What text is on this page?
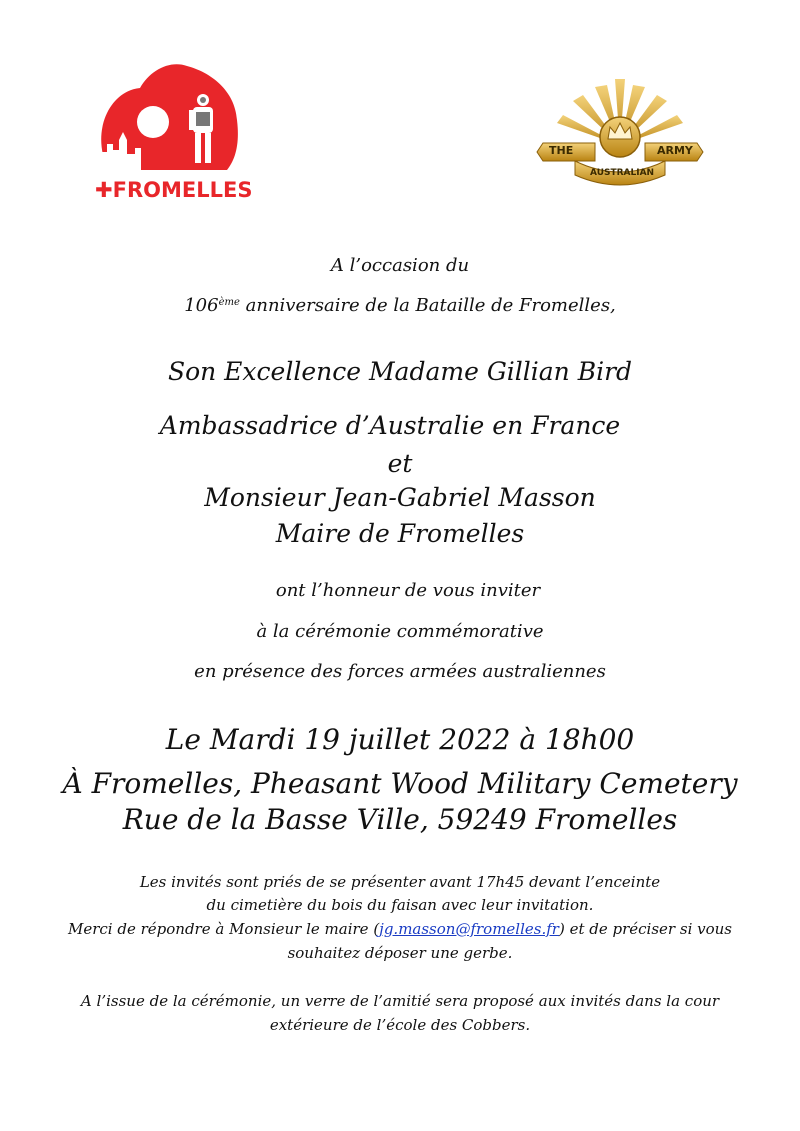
✚FROMELLES
THE	ARMY
AUSTRALIAN
A l’occasion du
106ème anniversaire de la Bataille de Fromelles,
Son Excellence Madame Gillian Bird
Ambassadrice d’Australie en France
et
Monsieur Jean-Gabriel Masson
Maire de Fromelles
ont l’honneur de vous inviter
à la cérémonie commémorative
en présence des forces armées australiennes
Le Mardi 19 juillet 2022 à 18h00
À Fromelles, Pheasant Wood Military Cemetery
Rue de la Basse Ville, 59249 Fromelles
Les invités sont priés de se présenter avant 17h45 devant l’enceinte
du cimetière du bois du faisan avec leur invitation.
Merci de répondre à Monsieur le maire (jg.masson@fromelles.fr) et de préciser si vous
souhaitez déposer une gerbe.
A l’issue de la cérémonie, un verre de l’amitié sera proposé aux invités dans la cour
extérieure de l’école des Cobbers.
